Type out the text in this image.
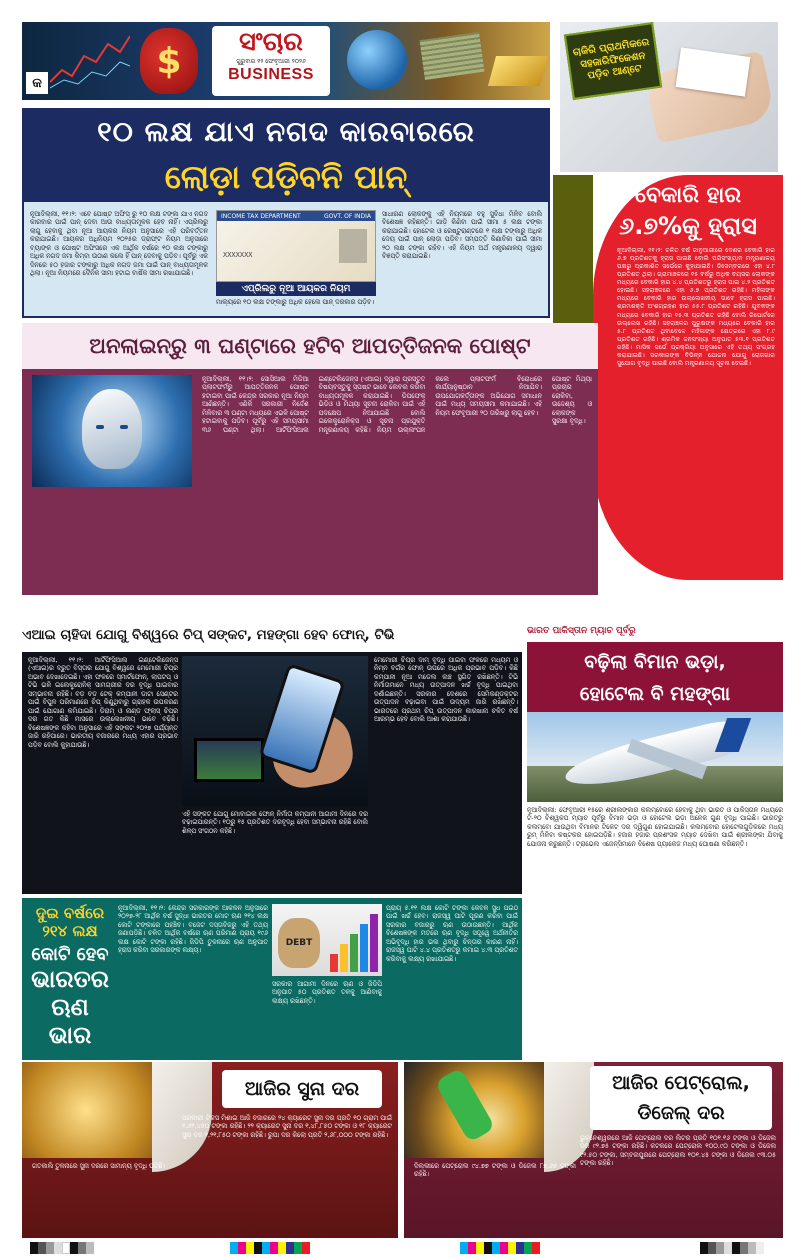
$	ସଂଚାର
ଗୁରୁବାର ୧୨ ଫେବୃଆରୀ ୨୦୨୬
BUSINESS
କ
ଚାକିରି ପ୍ରାଥମିକରେ ସହଜାରିଫିକେଶନ ପଡ଼ିବ ଆଣ୍ଟେ
୧୦ ଲକ୍ଷ ଯାଏ ନଗଦ କାରବାରରେ
ଲୋଡ଼ା ପଡ଼ିବନି ପାନ୍
ନୂଆଦିଲ୍ଲୀ, ୧୧।୨: ଏବେ ପୋଷ୍ଟ ଅଫିସ୍ ରୁ ୧୦ ଲକ୍ଷ ଟଙ୍କା ଯାଏ ନଗଦ କାରବାର ପାଇଁ ପାନ୍ ଦେବା ଆଉ ବାଧ୍ୟତାମୂଳକ ହେବ ନାହିଁ। ଏପ୍ରିଲରୁ ଲାଗୁ ହେବାକୁ ଥିବା ନୂଆ ଆୟକର ନିୟମ ଅନୁସାରେ ଏହି ପରିବର୍ତ୍ତନ କରାଯାଇଛି। ଆୟକର ଅଧିନିୟମ ୨୦୨୫ର ଡ୍ରାଫ୍ଟ ନିୟମ ଅନୁସାରେ ବ୍ୟାଙ୍କ ଓ ପୋଷ୍ଟ ଅଫିସରେ ଏକ ଆର୍ଥିକ ବର୍ଷରେ ୧୦ ଲକ୍ଷ ଟଙ୍କାରୁ ଅଧିକ ନଗଦ ଜମା କିମ୍ବା ଉଠାଣ କଲେ ହିଁ ପାନ୍ ଦେବାକୁ ପଡ଼ିବ। ପୂର୍ବରୁ ଏକ ଦିନରେ ୫୦ ହଜାର ଟଙ୍କାରୁ ଅଧିକ ନଗଦ ଜମା ପାଇଁ ପାନ୍ ବାଧ୍ୟତାମୂଳକ ଥିଲା। ନୂଆ ନିୟମରେ ଦୈନିକ ସୀମା ହଟାଇ ବାର୍ଷିକ ସୀମା ରଖାଯାଇଛି।
INCOME TAX DEPARTMENT	GOVT. OF INDIA
XXXXXXX
ଏପ୍ରିଲରୁ ନୂଆ ଆୟକର ନିୟମ
ମାଲ୍ୟରେ ୧୦ ଲକ୍ଷ ଟଙ୍କାରୁ ଅଧିକ ହେଲେ ପାନ୍ ଦରକାର ପଡ଼ିବ।
ସାଧାରଣ ଲୋକଙ୍କୁ ଏହି ନିୟମରେ ବହୁ ସୁବିଧା ମିଳିବ ବୋଲି ବିଶେଷଜ୍ଞ କହିଛନ୍ତି। ଗାଡ଼ି କିଣିବା ପାଇଁ ସୀମା ୫ ଲକ୍ଷ ଟଙ୍କା କରାଯାଇଛି। ହୋଟେଲ ଓ ରେଷ୍ଟୁରାଣ୍ଟରେ ୧ ଲକ୍ଷ ଟଙ୍କାରୁ ଅଧିକ ଦେୟ ପାଇଁ ପାନ୍ ଲୋଡ଼ା ପଡ଼ିବ। ସମ୍ପତ୍ତି କିଣାବିକା ପାଇଁ ସୀମା ୨୦ ଲକ୍ଷ ଟଙ୍କା ରହିବ। ଏହି ନିୟମ ଅର୍ଥ ମନ୍ତ୍ରଣାଳୟ ଦ୍ୱାରା ବିଜ୍ଞପ୍ତି କରାଯାଇଛି।
ବେକାରି ହାର
୬.୭%କୁ ହ୍ରାସ
ନୂଆଦିଲ୍ଲୀ, ୧୧।୨: ଚଳିତ ବର୍ଷ ଜାନୁଆରୀରେ ଦେଶର ବେକାରି ହାର ୬.୭ ପ୍ରତିଶତକୁ ହ୍ରାସ ପାଇଛି ବୋଲି ପରିସଂଖ୍ୟାନ ମନ୍ତ୍ରଣାଳୟ ପକ୍ଷରୁ ପ୍ରକାଶିତ ସର୍ଭେରେ କୁହାଯାଇଛି। ଡିସେମ୍ବରରେ ଏହା ୪.୮ ପ୍ରତିଶତ ଥିଲା। ଗ୍ରାମାଞ୍ଚଳରେ ୧୫ ବର୍ଷରୁ ଅଧିକ ବୟସର ଲୋକଙ୍କ ମଧ୍ୟରେ ବେକାରି ହାର ୪.୪ ପ୍ରତିଶତରୁ ହ୍ରାସ ପାଇ ୪.୨ ପ୍ରତିଶତ ହୋଇଛି। ସହରାଞ୍ଚଳରେ ଏହା ୬.୭ ପ୍ରତିଶତ ରହିଛି। ମହିଳାଙ୍କ ମଧ୍ୟରେ ବେକାରି ହାର ଉଲ୍ଲେଖନୀୟ ଭାବେ ହ୍ରାସ ପାଇଛି। ଶ୍ରମଶକ୍ତି ଅଂଶଗ୍ରହଣ ହାର ୫୫.୮ ପ୍ରତିଶତ ରହିଛି। ଯୁବକଙ୍କ ମଧ୍ୟରେ ବେକାରି ହାର ୧୫.୩ ପ୍ରତିଶତ ରହିଛି ବୋଲି ରିପୋର୍ଟରେ ଉଲ୍ଲେଖ ରହିଛି। ସହରାଞ୍ଚଳର ପୁରୁଷଙ୍କ ମଧ୍ୟରେ ବେକାରି ହାର ୫.୮ ପ୍ରତିଶତ ଥିବାବେଳେ ମହିଳାଙ୍କ କ୍ଷେତ୍ରରେ ଏହା ୮.୯ ପ୍ରତିଶତ ରହିଛି। ଶ୍ରମିକ ଜନସଂଖ୍ୟା ଅନୁପାତ ୫୩.୧ ପ୍ରତିଶତ ରହିଛି। ମାସିକ ସର୍ଭେ ପ୍ରକ୍ରିୟା ଅନୁସାରେ ଏହି ତଥ୍ୟ ସଂଗ୍ରହ କରାଯାଇଛି। ସରକାରଙ୍କ ବିଭିନ୍ନ ଯୋଜନା ଯୋଗୁ ରୋଜଗାର ସୁଯୋଗ ବୃଦ୍ଧି ପାଇଛି ବୋଲି ମନ୍ତ୍ରଣାଳୟ ସୂଚନା ଦେଇଛି।
ଅନଲାଇନ୍‌ରୁ ୩ ଘଣ୍ଟାରେ ହଟିବ ଆପତ୍ତିଜନକ ପୋଷ୍ଟ
ନୂଆଦିଲ୍ଲୀ, ୧୧।୨: ସୋସିଆଲ ମିଡିଆ ପ୍ଲାଟଫର୍ମରୁ ଆପତ୍ତିଜନକ ପୋଷ୍ଟ ହଟାଇବା ପାଇଁ କେନ୍ଦ୍ର ସରକାର ନୂଆ ନିୟମ ଆଣିଛନ୍ତି। ଏଣିକି ସରକାରୀ ନିର୍ଦ୍ଦେଶ ମିଳିବାର ୩ ଘଣ୍ଟା ମଧ୍ୟରେ ଏଭଳି ପୋଷ୍ଟ ହଟାଇବାକୁ ପଡ଼ିବ। ପୂର୍ବରୁ ଏହି ସମୟସୀମା ୩୬ ଘଣ୍ଟା ଥିଲା। ଆର୍ଟିଫିସିଆଲ ଇଣ୍ଟେଲିଜେନ୍ସ (ଏଆଇ) ଦ୍ୱାରା ପ୍ରସ୍ତୁତ ବିଷୟବସ୍ତୁକୁ ସ୍ପଷ୍ଟ ଭାବେ ଲେବଲ କରିବା ବାଧ୍ୟତାମୂଳକ କରାଯାଇଛି। ଡିପଫେକ୍ ଭିଡିଓ ଓ ମିଥ୍ୟା ସୂଚନା ରୋକିବା ପାଇଁ ଏହି ପଦକ୍ଷେପ ନିଆଯାଇଛି ବୋଲି ଇଲେକ୍ଟ୍ରୋନିକ୍ସ ଓ ସୂଚନା ପ୍ରଯୁକ୍ତି ମନ୍ତ୍ରଣାଳୟ କହିଛି। ନିୟମ ଉଲ୍ଲଂଘନ କଲେ ପ୍ଲାଟଫର୍ମ ବିରୋଧରେ କାର୍ଯ୍ୟାନୁଷ୍ଠାନ ନିଆଯିବ। ଉପଯୋଗକର୍ତ୍ତାଙ୍କ ଅଭିଯୋଗ ସମାଧାନ ପାଇଁ ମଧ୍ୟ ସମୟସୀମା କମାଯାଇଛି। ଏହି ନିୟମ ଫେବୃଆରୀ ୨୦ ତାରିଖରୁ ଲାଗୁ ହେବ।
ପୋଷ୍ଟ ମିଥ୍ୟା ପ୍ରଚାର ରୋକିବା, ଉଦ୍ଦେଶ୍ୟ ଓ ଲୋକଙ୍କ ସୁରକ୍ଷା ବୃଦ୍ଧି।
ଏଆଇ ଚାହିଦା ଯୋଗୁ ବିଶ୍ୱରେ ଚିପ୍ ସଙ୍କଟ, ମହଙ୍ଗା ହେବ ଫୋନ୍, ଟିଭି
ନୂଆଦିଲ୍ଲୀ, ୧୧।୨: ଆର୍ଟିଫିସିଆଲ ଇଣ୍ଟେଲିଜେନ୍ସ (ଏଆଇ)ର ଦ୍ରୁତ ବିସ୍ତାର ଯୋଗୁ ବିଶ୍ୱରେ ମେମୋରୀ ଚିପ୍‌ର ଅଭାବ ଦେଖାଦେଇଛି। ଏହା ଫଳରେ ସ୍ମାର୍ଟଫୋନ୍, ଲାପଟପ୍ ଓ ଟିଭି ଭଳି ଇଲେକ୍ଟ୍ରୋନିକ୍ ସାମଗ୍ରୀର ଦର ବୃଦ୍ଧି ପାଇବାର ସମ୍ଭାବନା ରହିଛି। ବଡ଼ ବଡ଼ ଟେକ୍ କମ୍ପାନୀ ଡାଟା ସେଣ୍ଟର ପାଇଁ ବିପୁଳ ପରିମାଣରେ ଚିପ୍ କିଣୁଥିବାରୁ ଗ୍ରାହକ ଉପକରଣ ପାଇଁ ଯୋଗାଣ କମିଯାଇଛି। ଡିରାମ୍ ଓ ନାଣ୍ଡ ଫ୍ଲାସ୍ ଚିପ୍‌ର ଦର ଗତ କିଛି ମାସରେ ଉଲ୍ଲେଖନୀୟ ଭାବେ ବଢ଼ିଛି। ବିଶେଷଜ୍ଞଙ୍କ କହିବା ଅନୁସାରେ ଏହି ସଙ୍କଟ ୨୦୨୭ ପର୍ଯ୍ୟନ୍ତ ଜାରି ରହିପାରେ। ଭାରତୀୟ ବଜାରରେ ମଧ୍ୟ ଏହାର ପ୍ରଭାବ ପଡ଼ିବ ବୋଲି କୁହାଯାଉଛି।
ଏହି ସଙ୍କଟ ଯୋଗୁ ମୋବାଇଲ ଫୋନ୍ ନିର୍ମାତା କମ୍ପାନୀ ଆଗାମୀ ଦିନରେ ଦର ବଢ଼ାଇପାରନ୍ତି। ୧୦ରୁ ୧୫ ପ୍ରତିଶତ ଦରବୃଦ୍ଧି ହେବା ସମ୍ଭାବନା ରହିଛି ବୋଲି ଶିଳ୍ପ ସଂଗଠନ କହିଛି।
ମେମୋରୀ ଚିପ୍‌ର ଦାମ୍ ବୃଦ୍ଧି ପାଇବା ଫଳରେ ମଧ୍ୟମ ଓ ନିମ୍ନ ବର୍ଗର ଫୋନ୍ ଉପରେ ଅଧିକ ପ୍ରଭାବ ପଡ଼ିବ। କିଛି କମ୍ପାନୀ ନୂଆ ମଡେଲ ଲଞ୍ଚ ସ୍ଥଗିତ ରଖିଛନ୍ତି। ଟିଭି ନିର୍ମାତାମାନେ ମଧ୍ୟ ଉତ୍ପାଦନ ଖର୍ଚ୍ଚ ବୃଦ୍ଧି ପାଇଥିବା ଦର୍ଶାଇଛନ୍ତି। ସରକାର ଦେଶରେ ସେମିକଣ୍ଡକ୍ଟର ଉତ୍ପାଦନ ବଢ଼ାଇବା ପାଇଁ ଉଦ୍ୟମ ଜାରି ରଖିଛନ୍ତି। ଭାରତରେ ପ୍ରଥମ ଚିପ୍ ଉତ୍ପାଦନ କାରଖାନା ଚଳିତ ବର୍ଷ ଆରମ୍ଭ ହେବ ବୋଲି ଆଶା କରାଯାଉଛି।
ଭାରତ ପାକିସ୍ତାନ ମ୍ୟାଚ ପୂର୍ବରୁ
ବଢ଼ିଲା ବିମାନ ଭଡ଼ା,
ହୋଟେଲ ବି ମହଙ୍ଗା
ନୂଆଦିଲ୍ଲୀ: ଫେବୃଆରୀ ୧୫ରେ ଶ୍ରୀଲଙ୍କାର କଲମ୍ବୋରେ ହେବାକୁ ଥିବା ଭାରତ ଓ ପାକିସ୍ତାନ ମଧ୍ୟରେ ଟି-୨୦ ବିଶ୍ୱକପ ମ୍ୟାଚ ପୂର୍ବରୁ ବିମାନ ଭଡ଼ା ଓ ହୋଟେଲ ଭଡ଼ା ଅନେକ ଗୁଣ ବୃଦ୍ଧି ପାଇଛି। ଭାରତରୁ କଲମ୍ବୋ ଯାଉଥିବା ବିମାନର ଟିକେଟ ଦର ଦ୍ୱିଗୁଣ ହୋଇଯାଇଛି। କଲମ୍ବୋର ହୋଟେଲଗୁଡ଼ିକରେ ମଧ୍ୟ ରୁମ୍ ମିଳିବା କଷ୍ଟକର ହୋଇପଡ଼ିଛି। ହଜାର ହଜାର ପ୍ରଶଂସକ ମ୍ୟାଚ ଦେଖିବା ପାଇଁ ଶ୍ରୀଲଙ୍କା ଯିବାକୁ ଯୋଜନା କରୁଛନ୍ତି। ଟ୍ରାଭେଲ ଏଜେନ୍ସିମାନେ ବିଶେଷ ପ୍ୟାକେଜ ମଧ୍ୟ ଘୋଷଣା କରିଛନ୍ତି।
ଦୁଇ ବର୍ଷରେ
୨୧୪ ଲକ୍ଷ
କୋଟି ହେବ
ଭାରତର
ଋଣ ଭାର
ନୂଆଦିଲ୍ଲୀ, ୧୧।୨: କେନ୍ଦ୍ର ସରକାରଙ୍କ ଆକଳନ ଅନୁସାରେ ୨୦୨୭-୨୮ ଆର୍ଥିକ ବର୍ଷ ସୁଦ୍ଧା ଭାରତର ମୋଟ ଋଣ ୨୧୪ ଲକ୍ଷ କୋଟି ଟଙ୍କାରେ ପହଞ୍ଚିବ। ବଜେଟ ଦସ୍ତାବିଜରୁ ଏହି ତଥ୍ୟ ଜଣାପଡ଼ିଛି। ଚଳିତ ଆର୍ଥିକ ବର୍ଷରେ ଋଣ ପରିମାଣ ପ୍ରାୟ ୧୯୬ ଲକ୍ଷ କୋଟି ଟଙ୍କା ରହିଛି। ଜିଡିପି ତୁଳନାରେ ଋଣ ଅନୁପାତ ହ୍ରାସ କରିବା ସରକାରଙ୍କ ଲକ୍ଷ୍ୟ।
DEBT
ସରକାର ଆଗାମୀ ଦିନରେ ଋଣ ଓ ଜିଡିପି ଅନୁପାତ ୫୦ ପ୍ରତିଶତ ତଳକୁ ଆଣିବାକୁ ଲକ୍ଷ୍ୟ ରଖିଛନ୍ତି।
ପ୍ରାୟ ୫.୧୧ ଲକ୍ଷ କୋଟି ଟଙ୍କା କେବଳ ସୁଧ ପଇଠ ପାଇଁ ଖର୍ଚ୍ଚ ହେବ। ରାଜସ୍ୱ ଘାଟି ପୂରଣ କରିବା ପାଇଁ ସରକାର ବଜାରରୁ ଋଣ ଉଠାଉଛନ୍ତି। ଆର୍ଥିକ ବିଶେଷଜ୍ଞଙ୍କ ମତରେ ଋଣ ବୃଦ୍ଧି ସତ୍ତ୍ୱେ ଅର୍ଥନୀତିର ଅଭିବୃଦ୍ଧି ହାର ଭଲ ଥିବାରୁ ଚିନ୍ତାର କାରଣ ନାହିଁ। ରାଜସ୍ୱ ଘାଟି ୪.୪ ପ୍ରତିଶତରୁ କମାଇ ୪.୩ ପ୍ରତିଶତ କରିବାକୁ ଲକ୍ଷ୍ୟ ରଖାଯାଇଛି।
ଆଜିର ସୁନା ଦର
ସରକାରୀ ଟିକସ ମିଶାଇ ଆଜି ବଜାରରେ ୨୪ କ୍ୟାରେଟ ସୁନା ଦର ପ୍ରତି ୧୦ ଗ୍ରାମ ପାଇଁ ୧,୬୨,୪୫୦ ଟଙ୍କା ରହିଛି। ୨୨ କ୍ୟାରେଟ ସୁନା ଦର ୧,୪୮,୮୫୦ ଟଙ୍କା ଓ ୧୮ କ୍ୟାରେଟ ସୁନା ଦର ୧,୨୧,୮୫୦ ଟଙ୍କା ରହିଛି। ରୁପା ଦର କିଲୋ ପ୍ରତି ୨,୬୮,୦୦୦ ଟଙ୍କା ରହିଛି।
ଗତକାଲି ତୁଳନାରେ ସୁନା ଦରରେ ସାମାନ୍ୟ ବୃଦ୍ଧି ଘଟିଛି।
ଆଜିର ପେଟ୍ରୋଲ,
ଡିଜେଲ୍ ଦର
ଭୁବନେଶ୍ୱରରେ ଆଜି ପେଟ୍ରୋଲ ଦର ଲିଟର ପ୍ରତି ୧୦୧.୧୬ ଟଙ୍କା ଓ ଡିଜେଲ ଦର ୯୨.୭୫ ଟଙ୍କା ରହିଛି। କଟକରେ ପେଟ୍ରୋଲ ୧୦୦.୯୦ ଟଙ୍କା ଓ ଡିଜେଲ ୯୨.୫୦ ଟଙ୍କା, ସମ୍ବଲପୁରରେ ପେଟ୍ରୋଲ ୧୦୧.୪୫ ଟଙ୍କା ଓ ଡିଜେଲ ୯୩.୦୫ ଟଙ୍କା ରହିଛି।
ଦିଲ୍ଲୀରେ ପେଟ୍ରୋଲ ୯୪.୭୭ ଟଙ୍କା ଓ ଡିଜେଲ ୮୭.୬୭ ଟଙ୍କା ରହିଛି।
